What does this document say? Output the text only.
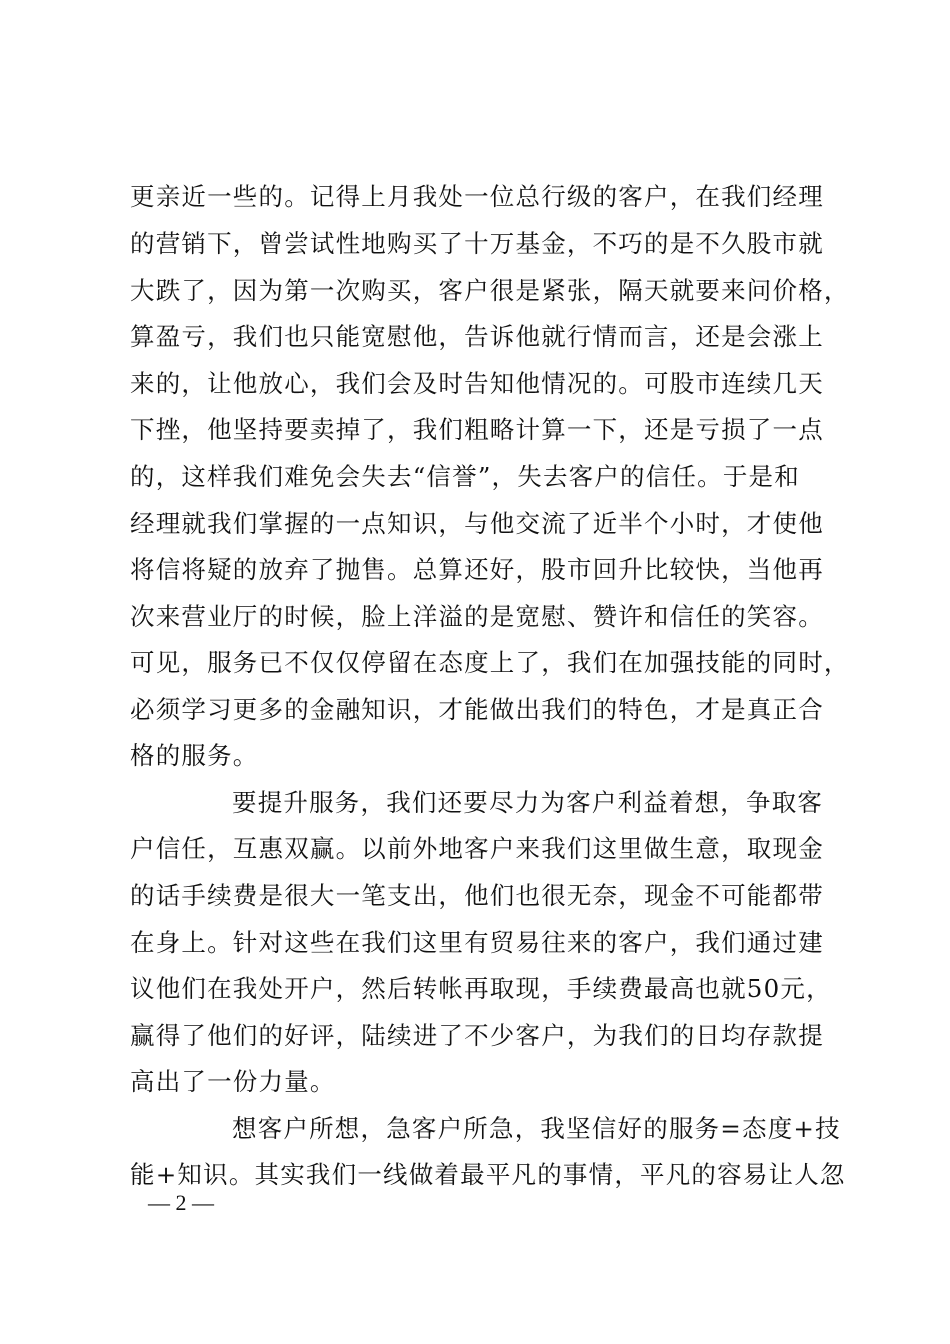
更亲近一些的。记得上月我处一位总行级的客户，在我们经理
的营销下，曾尝试性地购买了十万基金，不巧的是不久股市就
大跌了，因为第一次购买，客户很是紧张，隔天就要来问价格，
算盈亏，我们也只能宽慰他，告诉他就行情而言，还是会涨上
来的，让他放心，我们会及时告知他情况的。可股市连续几天
下挫，他坚持要卖掉了，我们粗略计算一下，还是亏损了一点
的，这样我们难免会失去“信誉”，失去客户的信任。于是和
经理就我们掌握的一点知识，与他交流了近半个小时，才使他
将信将疑的放弃了抛售。总算还好，股市回升比较快，当他再
次来营业厅的时候，脸上洋溢的是宽慰、赞许和信任的笑容。
可见，服务已不仅仅停留在态度上了，我们在加强技能的同时，
必须学习更多的金融知识，才能做出我们的特色，才是真正合
格的服务。
要提升服务，我们还要尽力为客户利益着想，争取客
户信任，互惠双赢。以前外地客户来我们这里做生意，取现金
的话手续费是很大一笔支出，他们也很无奈，现金不可能都带
在身上。针对这些在我们这里有贸易往来的客户，我们通过建
议他们在我处开户，然后转帐再取现，手续费最高也就50元，
赢得了他们的好评，陆续进了不少客户，为我们的日均存款提
高出了一份力量。
想客户所想，急客户所急，我坚信好的服务=态度+技
能+知识。其实我们一线做着最平凡的事情，平凡的容易让人忽
— 2 —
